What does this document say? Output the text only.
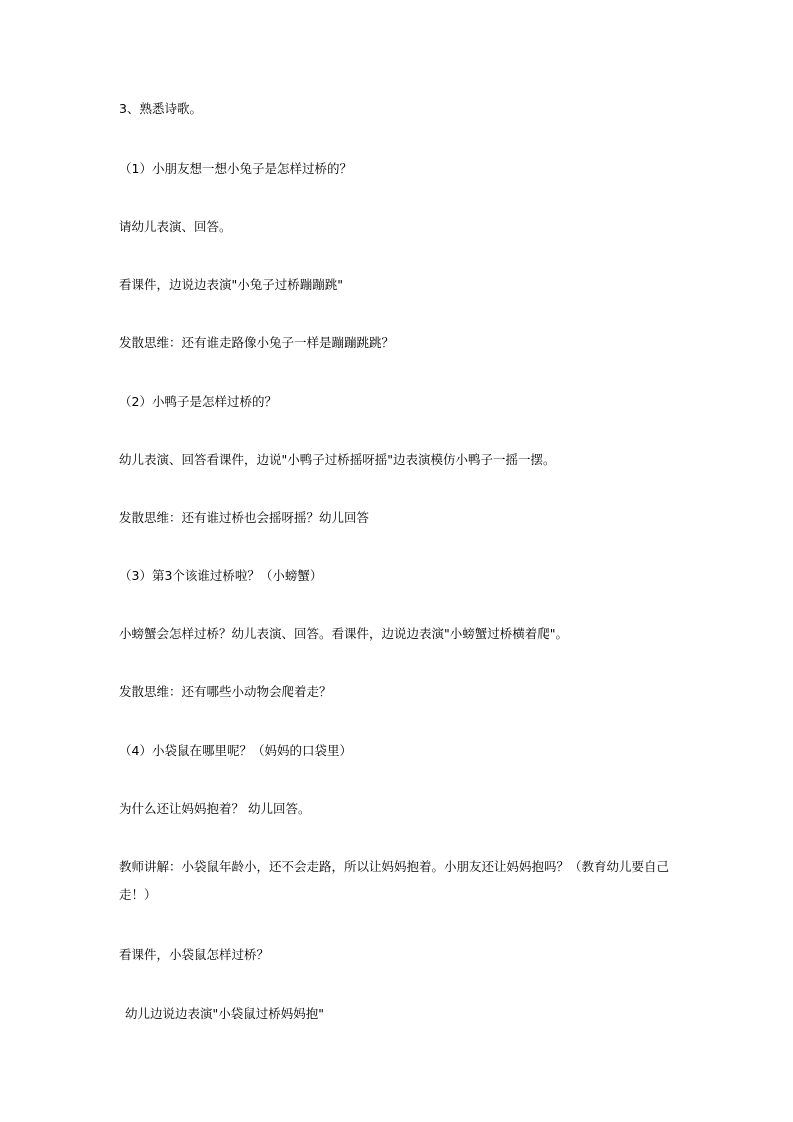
3、熟悉诗歌。
（1）小朋友想一想小兔子是怎样过桥的？
请幼儿表演、回答。
看课件，边说边表演"小兔子过桥蹦蹦跳"
发散思维：还有谁走路像小兔子一样是蹦蹦跳跳？
（2）小鸭子是怎样过桥的？
幼儿表演、回答看课件，边说"小鸭子过桥摇呀摇"边表演模仿小鸭子一摇一摆。
发散思维：还有谁过桥也会摇呀摇？幼儿回答
（3）第3个该谁过桥啦？（小螃蟹）
小螃蟹会怎样过桥？幼儿表演、回答。看课件，边说边表演"小螃蟹过桥横着爬"。
发散思维：还有哪些小动物会爬着走？
（4）小袋鼠在哪里呢？（妈妈的口袋里）
为什么还让妈妈抱着？ 幼儿回答。
教师讲解：小袋鼠年龄小，还不会走路，所以让妈妈抱着。小朋友还让妈妈抱吗？（教育幼儿要自己走！）
看课件，小袋鼠怎样过桥？
幼儿边说边表演"小袋鼠过桥妈妈抱"
